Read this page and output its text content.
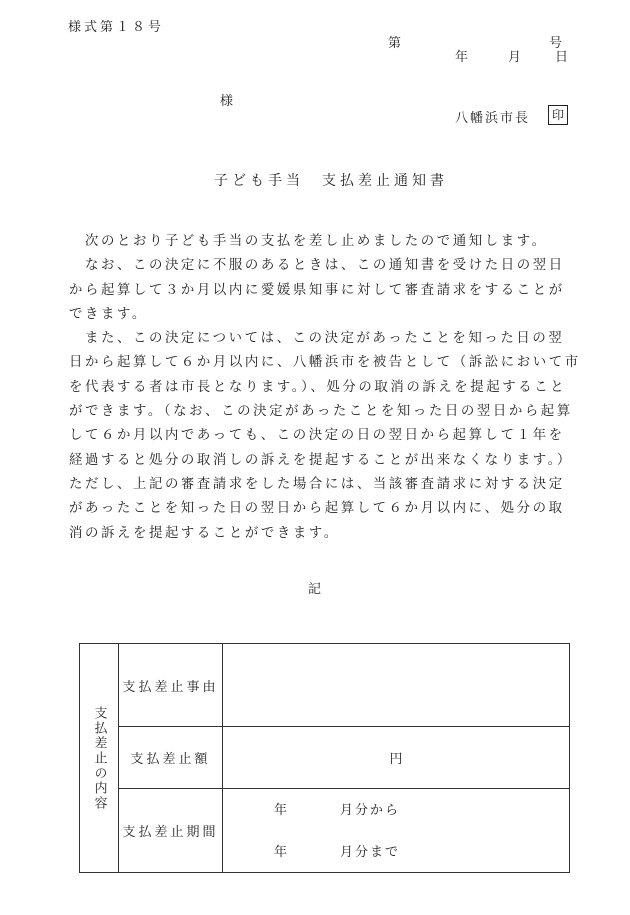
様式第１８号
第	号
年	月	日
様
八幡浜市長	印
子ども手当　支払差止通知書
　次のとおり子ども手当の支払を差し止めましたので通知します。
　なお、この決定に不服のあるときは、この通知書を受けた日の翌日
から起算して３か月以内に愛媛県知事に対して審査請求をすることが
できます。
　また、この決定については、この決定があったことを知った日の翌
日から起算して６か月以内に、八幡浜市を被告として（訴訟において市
を代表する者は市長となります。）、処分の取消の訴えを提起すること
ができます。（なお、この決定があったことを知った日の翌日から起算
して６か月以内であっても、この決定の日の翌日から起算して１年を
経過すると処分の取消しの訴えを提起することが出来なくなります。）
ただし、上記の審査請求をした場合には、当該審査請求に対する決定
があったことを知った日の翌日から起算して６か月以内に、処分の取
消の訴えを提起することができます。
記
支払差止の内容	支払差止事由	
	支払差止額	円
	支払差止期間	年 月分から
年 月分まで
